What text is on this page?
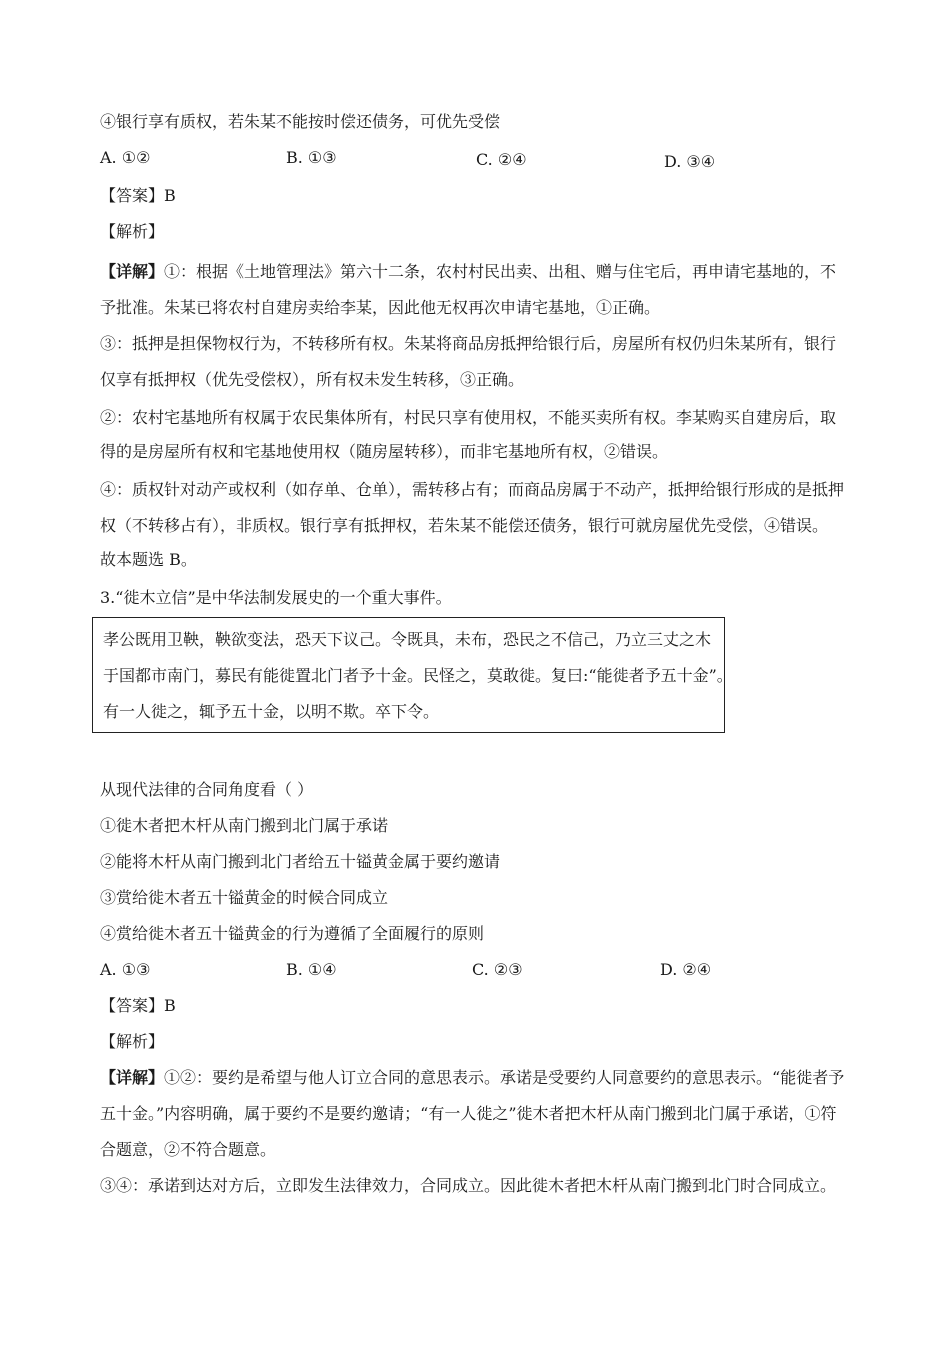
④银行享有质权，若朱某不能按时偿还债务，可优先受偿
A. ①②	B. ①③	C. ②④	D. ③④
【答案】B
【解析】
【详解】①：根据《土地管理法》第六十二条，农村村民出卖、出租、赠与住宅后，再申请宅基地的，不
予批准。朱某已将农村自建房卖给李某，因此他无权再次申请宅基地，①正确。
③：抵押是担保物权行为，不转移所有权。朱某将商品房抵押给银行后，房屋所有权仍归朱某所有，银行
仅享有抵押权（优先受偿权），所有权未发生转移，③正确。
②：农村宅基地所有权属于农民集体所有，村民只享有使用权，不能买卖所有权。李某购买自建房后，取
得的是房屋所有权和宅基地使用权（随房屋转移），而非宅基地所有权，②错误。
④：质权针对动产或权利（如存单、仓单），需转移占有；而商品房属于不动产，抵押给银行形成的是抵押
权（不转移占有），非质权。银行享有抵押权，若朱某不能偿还债务，银行可就房屋优先受偿，④错误。
故本题选 B。
3.“徙木立信”是中华法制发展史的一个重大事件。
孝公既用卫鞅，鞅欲变法，恐天下议己。令既具，未布，恐民之不信己，乃立三丈之木
于国都市南门，募民有能徙置北门者予十金。民怪之，莫敢徙。复曰:“能徙者予五十金”。
有一人徙之，辄予五十金，以明不欺。卒下令。
从现代法律的合同角度看（ ）
①徙木者把木杆从南门搬到北门属于承诺
②能将木杆从南门搬到北门者给五十镒黄金属于要约邀请
③赏给徙木者五十镒黄金的时候合同成立
④赏给徙木者五十镒黄金的行为遵循了全面履行的原则
A. ①③	B. ①④	C. ②③	D. ②④
【答案】B
【解析】
【详解】①②：要约是希望与他人订立合同的意思表示。承诺是受要约人同意要约的意思表示。“能徙者予
五十金。”内容明确，属于要约不是要约邀请；“有一人徙之”徙木者把木杆从南门搬到北门属于承诺，①符
合题意，②不符合题意。
③④：承诺到达对方后，立即发生法律效力，合同成立。因此徙木者把木杆从南门搬到北门时合同成立。
